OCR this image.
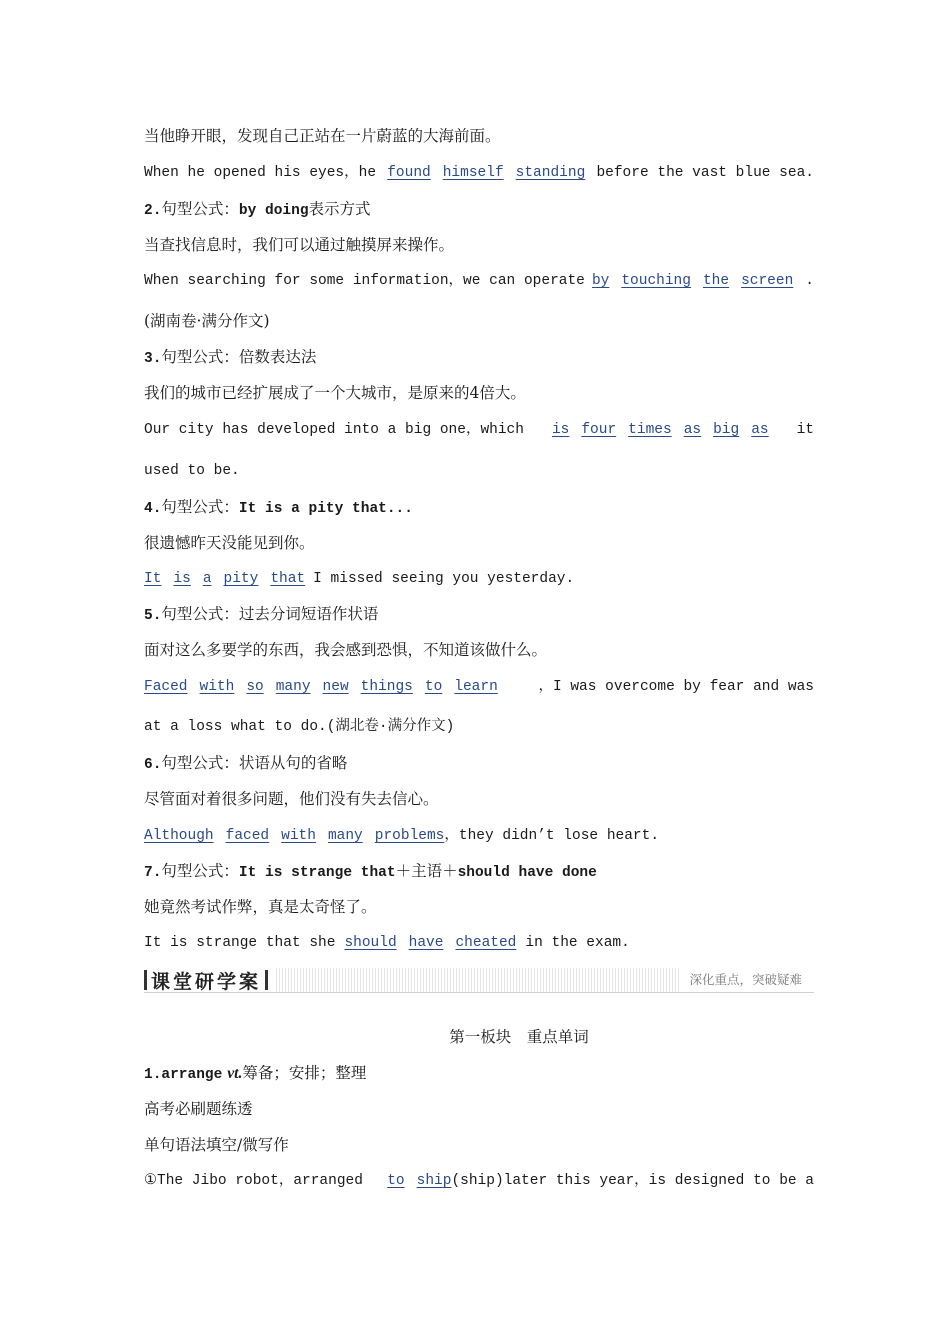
当他睁开眼，发现自己正站在一片蔚蓝的大海前面。
When he opened his eyes，he found himself standing before the vast blue sea.
2.句型公式：by doing表示方式
当查找信息时，我们可以通过触摸屏来操作。
When searching for some information，we can operate by touching the screen .
(湖南卷·满分作文)
3.句型公式：倍数表达法
我们的城市已经扩展成了一个大城市，是原来的4倍大。
Our city has developed into a big one，which is four times as big as it
used to be.
4.句型公式：It is a pity that...
很遗憾昨天没能见到你。
It is a pity that I missed seeing you yesterday.
5.句型公式：过去分词短语作状语
面对这么多要学的东西，我会感到恐惧，不知道该做什么。
Faced with so many new things to learn	，I was overcome by fear and was
at a loss what to do.(湖北卷·满分作文)
6.句型公式：状语从句的省略
尽管面对着很多问题，他们没有失去信心。
Although faced with many problems，they didn’t lose heart.
7.句型公式：It is strange that＋主语＋should have done
她竟然考试作弊，真是太奇怪了。
It is strange that she should have cheated in the exam.
课堂研学案	深化重点，突破疑难
第一板块　重点单词
1.arrange vt.筹备；安排；整理
高考必刷题练透
单句语法填空/微写作
①The Jibo robot，arranged to ship(ship)later this year，is designed to be a
